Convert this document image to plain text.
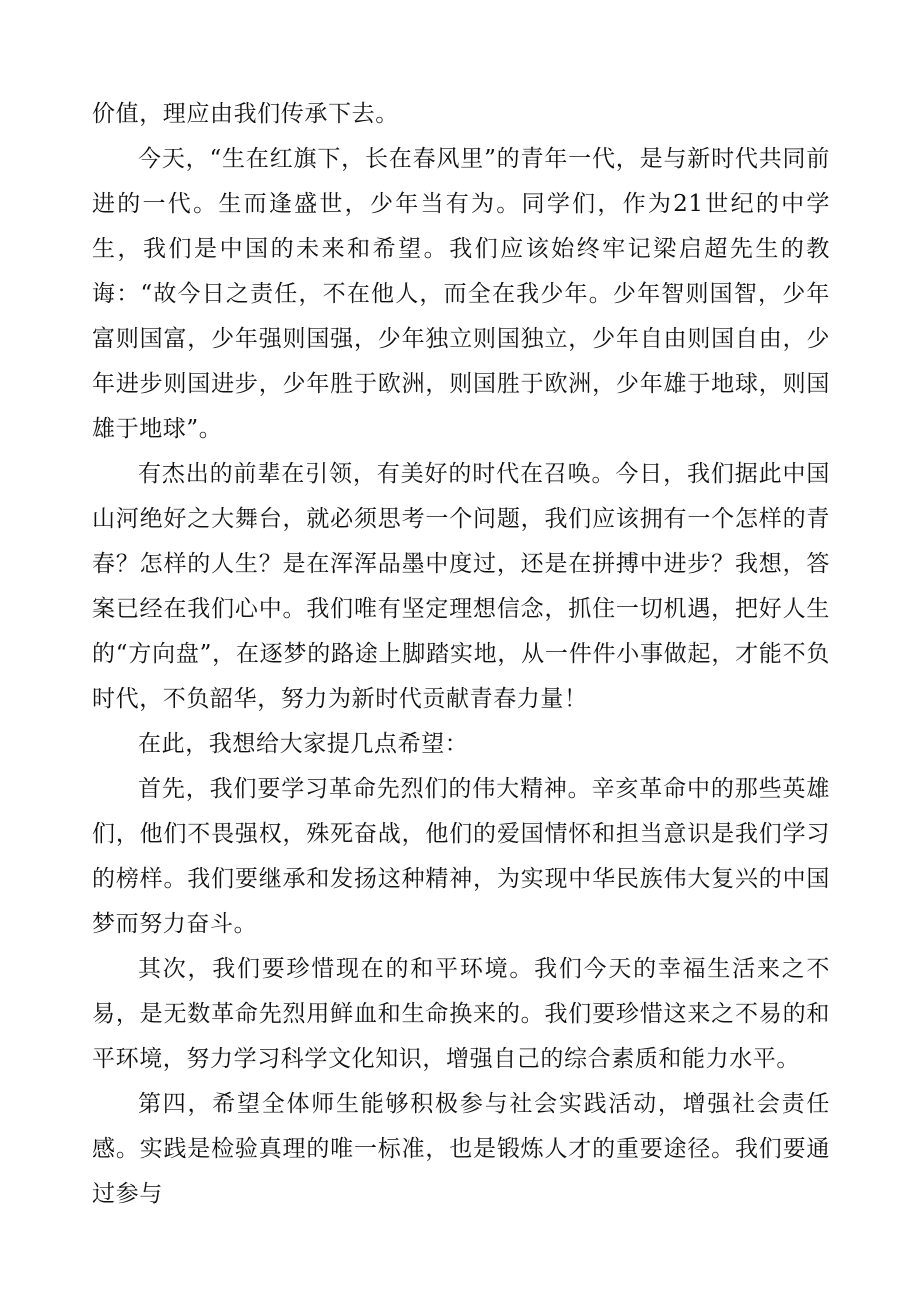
价值，理应由我们传承下去。

今天，“生在红旗下，长在春风里”的青年一代，是与新时代共同前进的一代。生而逢盛世，少年当有为。同学们，作为21世纪的中学生，我们是中国的未来和希望。我们应该始终牢记梁启超先生的教诲：“故今日之责任，不在他人，而全在我少年。少年智则国智，少年富则国富，少年强则国强，少年独立则国独立，少年自由则国自由，少年进步则国进步，少年胜于欧洲，则国胜于欧洲，少年雄于地球，则国雄于地球”。

有杰出的前辈在引领，有美好的时代在召唤。今日，我们据此中国山河绝好之大舞台，就必须思考一个问题，我们应该拥有一个怎样的青春？怎样的人生？是在浑浑品墨中度过，还是在拼搏中进步？我想，答案已经在我们心中。我们唯有坚定理想信念，抓住一切机遇，把好人生的“方向盘”，在逐梦的路途上脚踏实地，从一件件小事做起，才能不负时代，不负韶华，努力为新时代贡献青春力量！

在此，我想给大家提几点希望：

首先，我们要学习革命先烈们的伟大精神。辛亥革命中的那些英雄们，他们不畏强权，殊死奋战，他们的爱国情怀和担当意识是我们学习的榜样。我们要继承和发扬这种精神，为实现中华民族伟大复兴的中国梦而努力奋斗。

其次，我们要珍惜现在的和平环境。我们今天的幸福生活来之不易，是无数革命先烈用鲜血和生命换来的。我们要珍惜这来之不易的和平环境，努力学习科学文化知识，增强自己的综合素质和能力水平。

第四，希望全体师生能够积极参与社会实践活动，增强社会责任感。实践是检验真理的唯一标准，也是锻炼人才的重要途径。我们要通过参与
